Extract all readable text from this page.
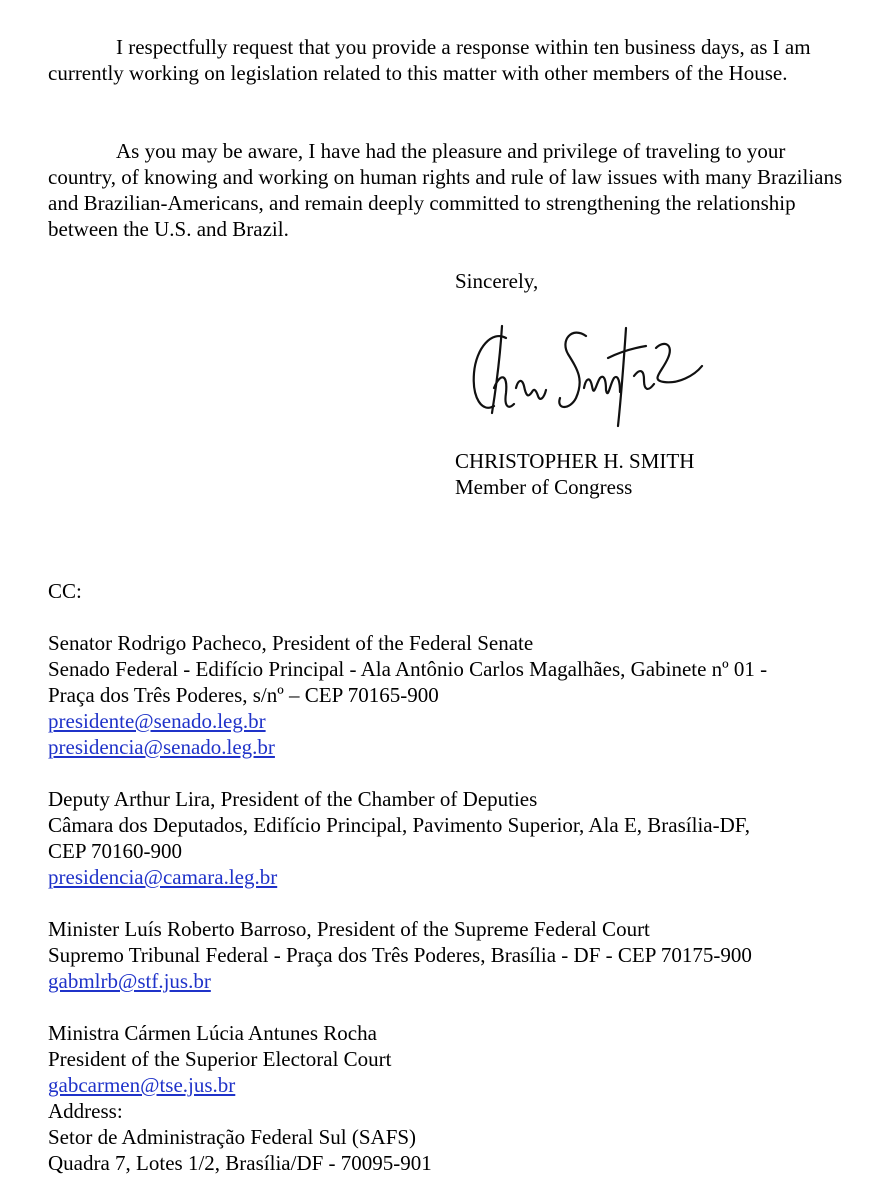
I respectfully request that you provide a response within ten business days, as I am currently working on legislation related to this matter with other members of the House.

As you may be aware, I have had the pleasure and privilege of traveling to your country, of knowing and working on human rights and rule of law issues with many Brazilians and Brazilian-Americans, and remain deeply committed to strengthening the relationship between the U.S. and Brazil.

Sincerely,
CHRISTOPHER H. SMITH
Member of Congress
CC:
Senator Rodrigo Pacheco, President of the Federal Senate
Senado Federal - Edifício Principal - Ala Antônio Carlos Magalhães, Gabinete nº 01 -
Praça dos Três Poderes, s/nº – CEP 70165-900
presidente@senado.leg.br
presidencia@senado.leg.br
Deputy Arthur Lira, President of the Chamber of Deputies
Câmara dos Deputados, Edifício Principal, Pavimento Superior, Ala E, Brasília-DF,
CEP 70160-900
presidencia@camara.leg.br
Minister Luís Roberto Barroso, President of the Supreme Federal Court
Supremo Tribunal Federal - Praça dos Três Poderes, Brasília - DF - CEP 70175-900
gabmlrb@stf.jus.br
Ministra Cármen Lúcia Antunes Rocha
President of the Superior Electoral Court
gabcarmen@tse.jus.br
Address:
Setor de Administração Federal Sul (SAFS)
Quadra 7, Lotes 1/2, Brasília/DF - 70095-901
